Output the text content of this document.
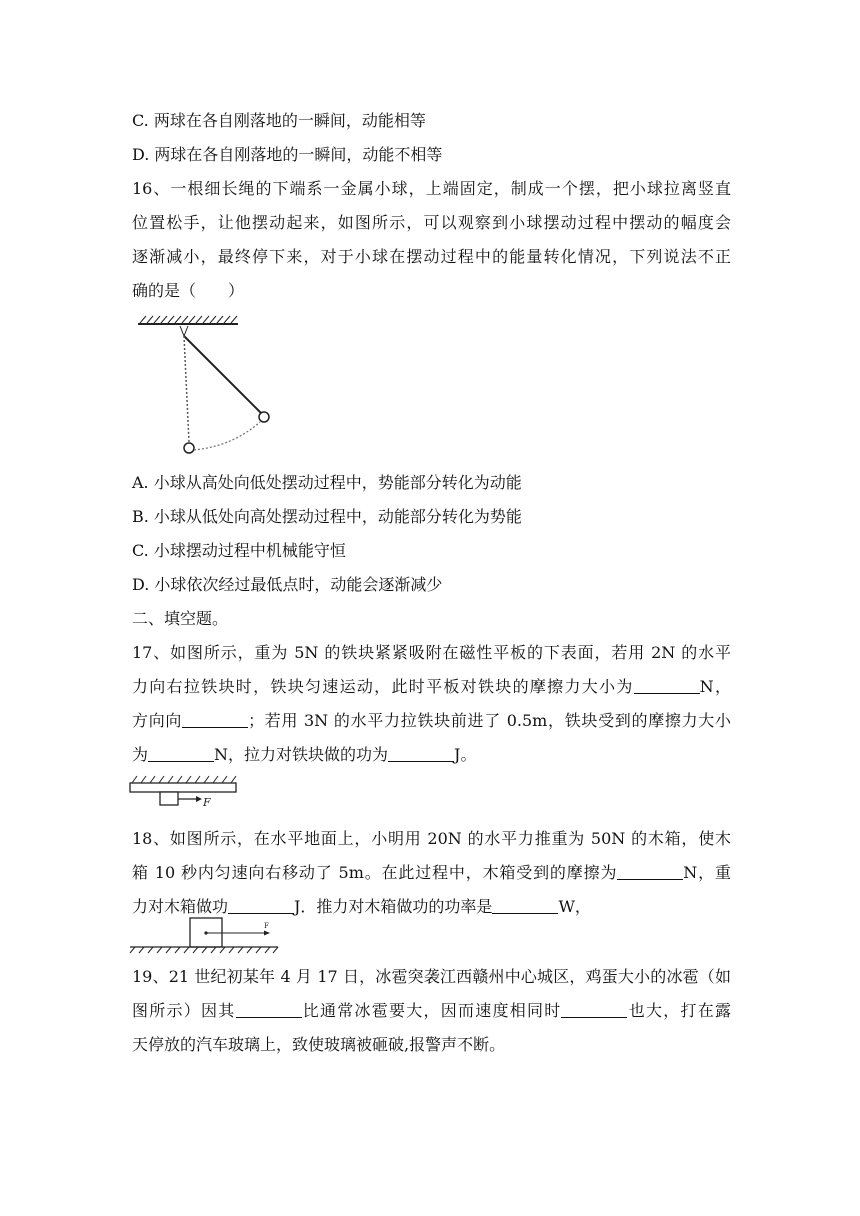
C. 两球在各自刚落地的一瞬间，动能相等
D. 两球在各自刚落地的一瞬间，动能不相等
16、一根细长绳的下端系一金属小球，上端固定，制成一个摆，把小球拉离竖直
位置松手，让他摆动起来，如图所示，可以观察到小球摆动过程中摆动的幅度会
逐渐减小，最终停下来，对于小球在摆动过程中的能量转化情况，下列说法不正
确的是（　　）
A. 小球从高处向低处摆动过程中，势能部分转化为动能
B. 小球从低处向高处摆动过程中，动能部分转化为势能
C. 小球摆动过程中机械能守恒
D. 小球依次经过最低点时，动能会逐渐减少
二、填空题。
17、如图所示，重为 5N 的铁块紧紧吸附在磁性平板的下表面，若用 2N 的水平
力向右拉铁块时，铁块匀速运动，此时平板对铁块的摩擦力大小为	N，
方向向	；若用 3N 的水平力拉铁块前进了 0.5m，铁块受到的摩擦力大小
为	N，拉力对铁块做的功为	J。
F
18、如图所示，在水平地面上，小明用 20N 的水平力推重为 50N 的木箱，使木
箱 10 秒内匀速向右移动了 5m。在此过程中，木箱受到的摩擦为	N，重
力对木箱做功	J．推力对木箱做功的功率是	W，
F
19、21 世纪初某年 4 月 17 日，冰雹突袭江西赣州中心城区，鸡蛋大小的冰雹（如
图所示）因其	比通常冰雹要大，因而速度相同时	也大，打在露
天停放的汽车玻璃上，致使玻璃被砸破,报警声不断。
